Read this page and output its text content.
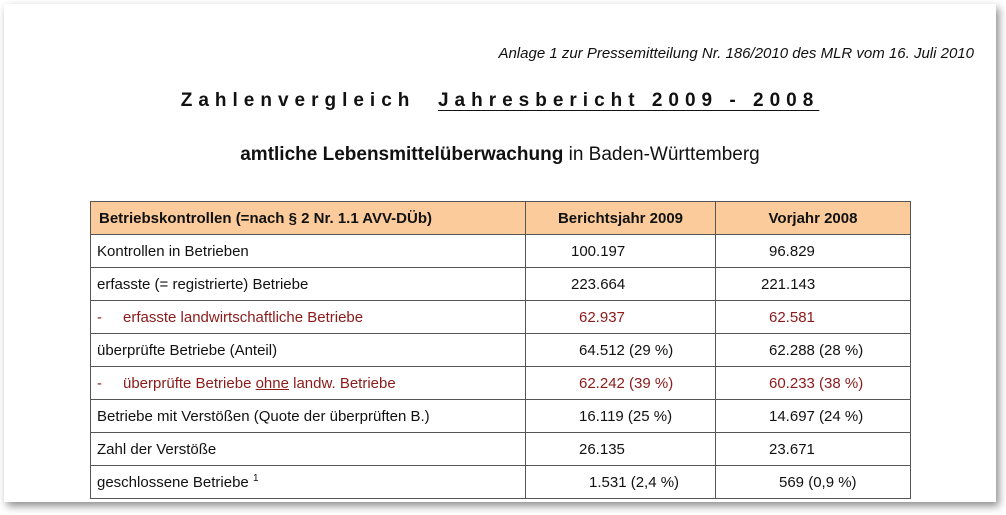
Anlage 1 zur Pressemitteilung Nr. 186/2010 des MLR vom 16. Juli 2010
Zahlenvergleich Jahresbericht 2009 - 2008
amtliche Lebensmittelüberwachung in Baden-Württemberg
Betriebskontrollen (=nach § 2 Nr. 1.1 AVV-DÜb)	Berichtsjahr 2009	Vorjahr 2008
Kontrollen in Betrieben	100.197	96.829
erfasste (= registrierte) Betriebe	223.664	221.143
- erfasste landwirtschaftliche Betriebe	62.937	62.581
überprüfte Betriebe (Anteil)	64.512 (29 %)	62.288 (28 %)
- überprüfte Betriebe ohne landw. Betriebe	62.242 (39 %)	60.233 (38 %)
Betriebe mit Verstößen (Quote der überprüften B.)	16.119 (25 %)	14.697 (24 %)
Zahl der Verstöße	26.135	23.671
geschlossene Betriebe $^1$	1.531 (2,4 %)	569 (0,9 %)
